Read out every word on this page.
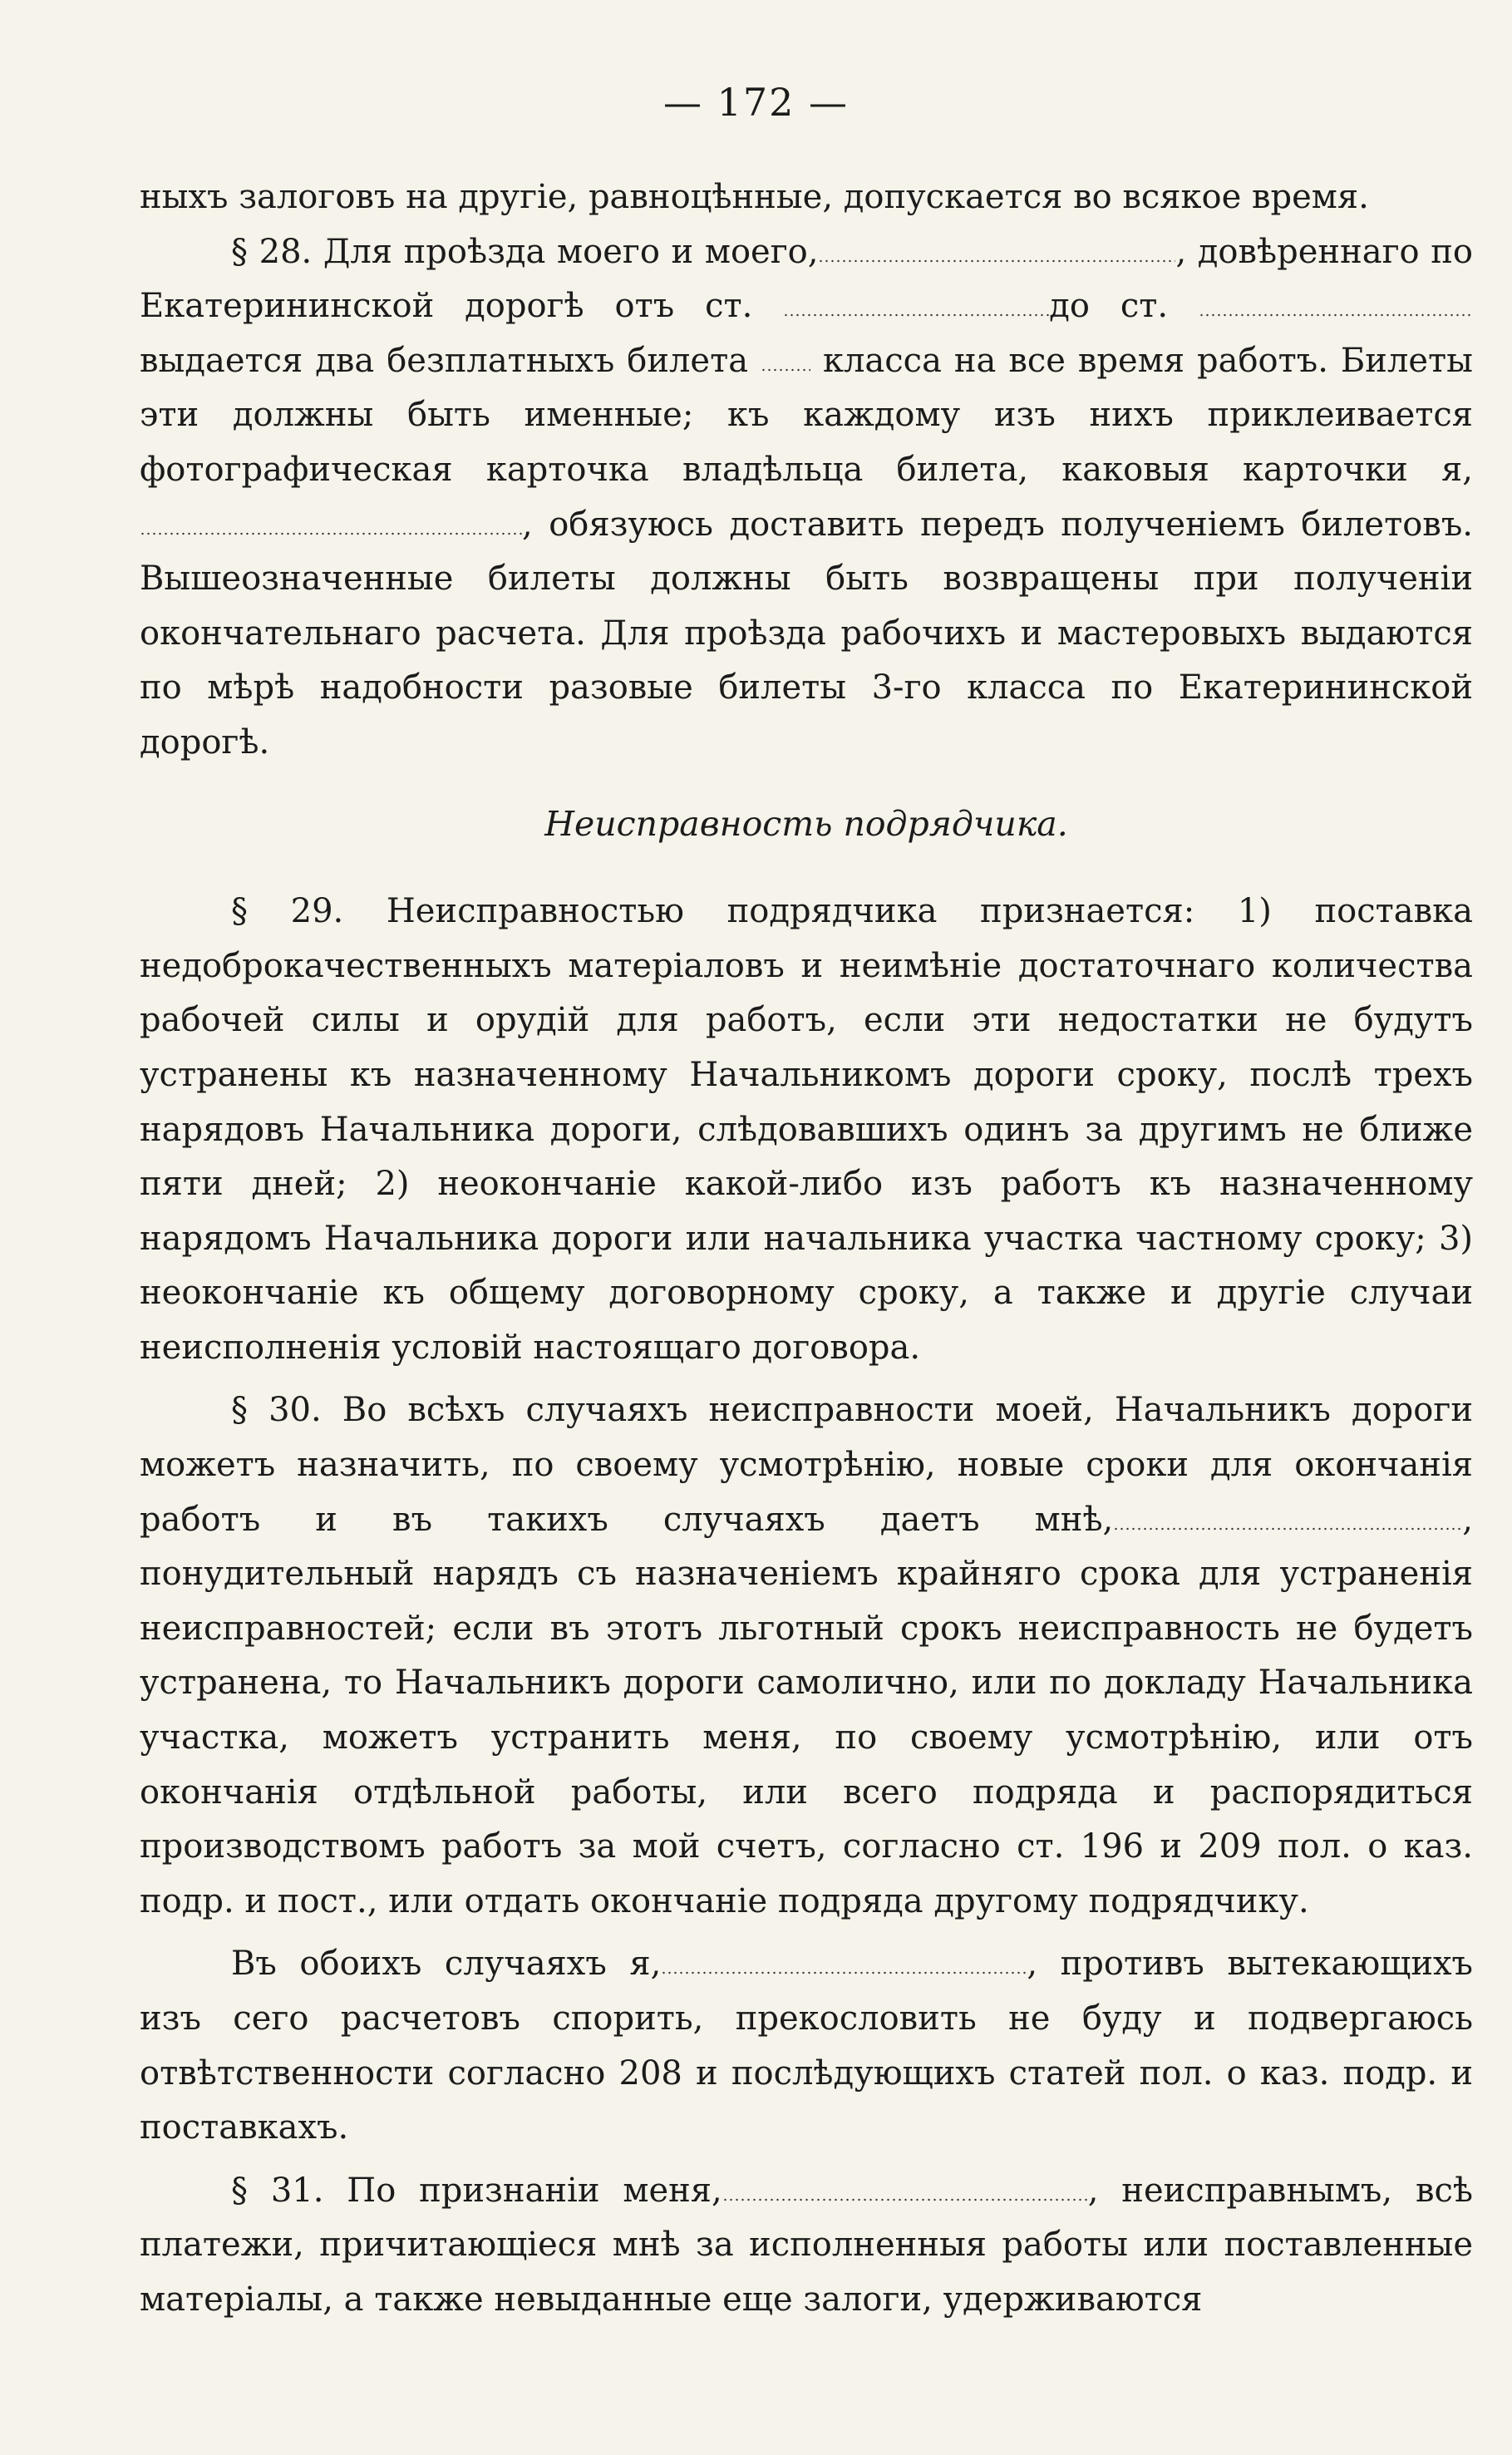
— 172 —

ныхъ залоговъ на другіе, равноцѣнные, допускается во всякое время.

§ 28. Для проѣзда моего и моего,	, довѣреннаго по Екатерининской дорогѣ отъ ст.	до ст.  выдается два безплатныхъ билета класса на все время работъ. Билеты эти должны быть именные; къ каждому изъ нихъ приклеивается фотографическая карточка владѣльца билета, каковыя карточки я,, обязуюсь доставить передъ полученіемъ билетовъ. Вышеозначенные билеты должны быть возвращены при полученіи окончательнаго расчета. Для проѣзда рабочихъ и мастеровыхъ выдаются по мѣрѣ надобности разовые билеты 3-го класса по Екатерининской дорогѣ.

Неисправность подрядчика.

§ 29. Неисправностью подрядчика признается: 1) поставка недоброкачественныхъ матеріаловъ и неимѣніе достаточнаго количества рабочей силы и орудій для работъ, если эти недостатки не будутъ устранены къ назначенному Начальникомъ дороги сроку, послѣ трехъ нарядовъ Начальника дороги, слѣдовавшихъ одинъ за другимъ не ближе пяти дней; 2) неокончаніе какой-либо изъ работъ къ назначенному нарядомъ Начальника дороги или начальника участка частному сроку; 3) неокончаніе къ общему договорному сроку, а также и другіе случаи неисполненія условій настоящаго договора.

§ 30. Во всѣхъ случаяхъ неисправности моей, Начальникъ дороги можетъ назначить, по своему усмотрѣнію, новые сроки для окончанія работъ и въ такихъ случаяхъ даетъ мнѣ,	, понудительный нарядъ съ назначеніемъ крайняго срока для устраненія неисправностей; если въ этотъ льготный срокъ неисправность не будетъ устранена, то Начальникъ дороги самолично, или по докладу Начальника участка, можетъ устранить меня, по своему усмотрѣнію, или отъ окончанія отдѣльной работы, или всего подряда и распорядиться производствомъ работъ за мой счетъ, согласно ст. 196 и 209 пол. о каз. подр. и пост., или отдать окончаніе подряда другому подрядчику.

Въ обоихъ случаяхъ я,	, противъ вытекающихъ изъ сего расчетовъ спорить, прекословить не буду и подвергаюсь отвѣтственности согласно 208 и послѣдующихъ статей пол. о каз. подр. и поставкахъ.

§ 31. По признаніи меня,	, неисправнымъ, всѣ платежи, причитающіеся мнѣ за исполненныя работы или поставленные матеріалы, а также невыданные еще залоги, удерживаются
